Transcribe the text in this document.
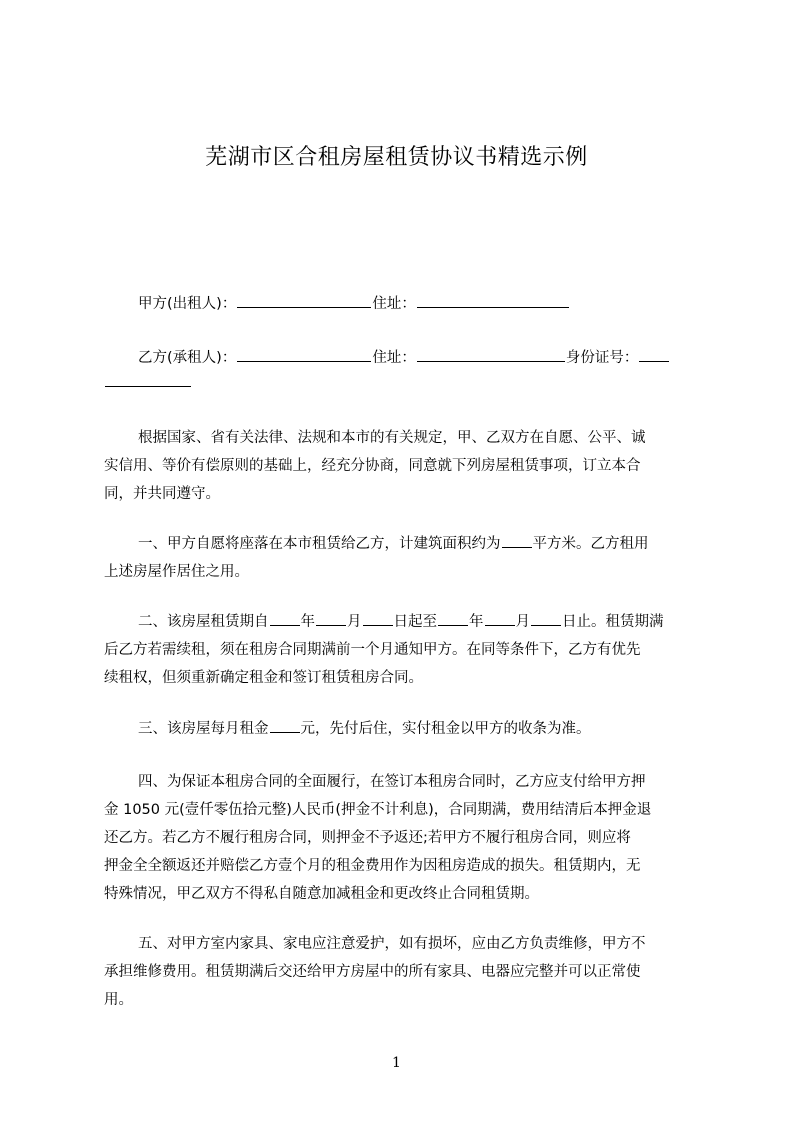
芜湖市区合租房屋租赁协议书精选示例
甲方(出租人)：	住址：
乙方(承租人)：	住址：	身份证号：
根据国家、省有关法律、法规和本市的有关规定，甲、乙双方在自愿、公平、诚
实信用、等价有偿原则的基础上，经充分协商，同意就下列房屋租赁事项，订立本合
同，并共同遵守。
一、甲方自愿将座落在本市租赁给乙方，计建筑面积约为 平方米。乙方租用
上述房屋作居住之用。
二、该房屋租赁期自 年 月 日起至 年 月 日止。租赁期满
后乙方若需续租，须在租房合同期满前一个月通知甲方。在同等条件下，乙方有优先
续租权，但须重新确定租金和签订租赁租房合同。
三、该房屋每月租金 元，先付后住，实付租金以甲方的收条为准。
四、为保证本租房合同的全面履行，在签订本租房合同时，乙方应支付给甲方押
金 1050 元(壹仟零伍拾元整)人民币(押金不计利息)，合同期满，费用结清后本押金退
还乙方。若乙方不履行租房合同，则押金不予返还;若甲方不履行租房合同，则应将
押金全全额返还并赔偿乙方壹个月的租金费用作为因租房造成的损失。租赁期内，无
特殊情况，甲乙双方不得私自随意加减租金和更改终止合同租赁期。
五、对甲方室内家具、家电应注意爱护，如有损坏，应由乙方负责维修，甲方不
承担维修费用。租赁期满后交还给甲方房屋中的所有家具、电器应完整并可以正常使
用。
1
